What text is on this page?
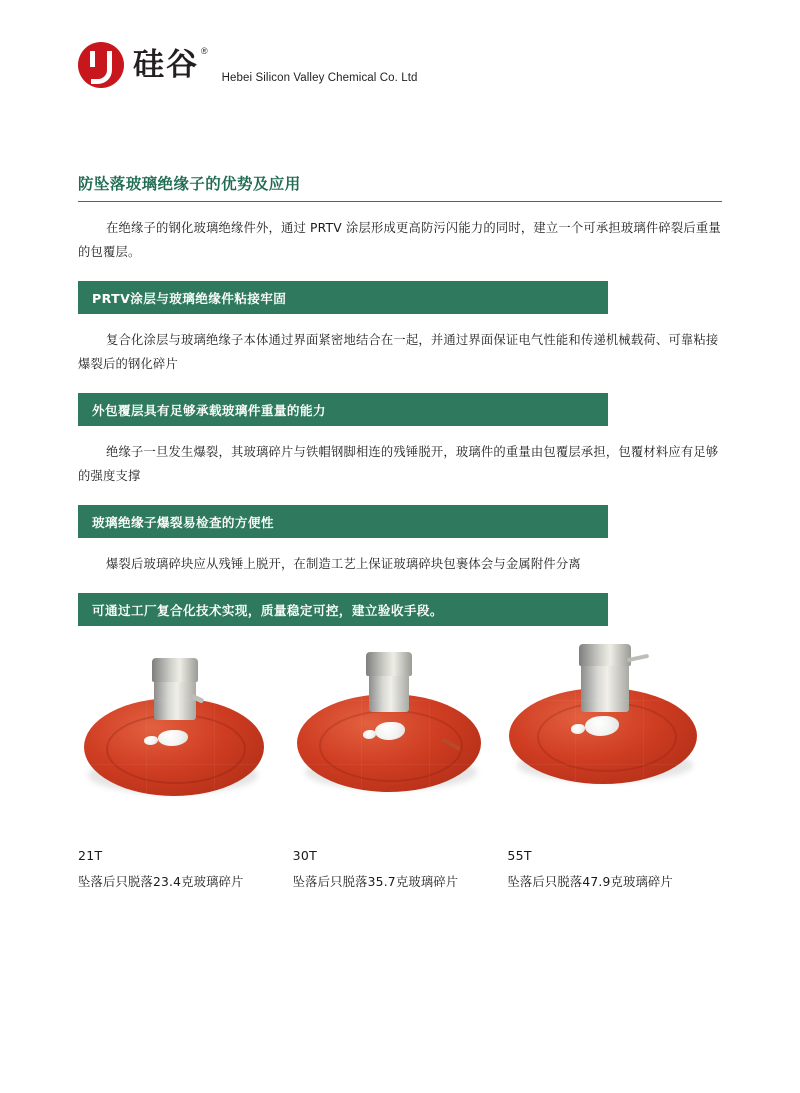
硅谷 ®
Hebei Silicon Valley Chemical Co. Ltd
防坠落玻璃绝缘子的优势及应用

在绝缘子的钢化玻璃绝缘件外，通过 PRTV 涂层形成更高防污闪能力的同时，建立一个可承担玻璃件碎裂后重量的包覆层。

PRTV涂层与玻璃绝缘件粘接牢固

复合化涂层与玻璃绝缘子本体通过界面紧密地结合在一起，并通过界面保证电气性能和传递机械载荷、可靠粘接爆裂后的钢化碎片

外包覆层具有足够承载玻璃件重量的能力

绝缘子一旦发生爆裂，其玻璃碎片与铁帽钢脚相连的残锤脱开，玻璃件的重量由包覆层承担，包覆材料应有足够的强度支撑

玻璃绝缘子爆裂易检查的方便性

爆裂后玻璃碎块应从残锤上脱开，在制造工艺上保证玻璃碎块包裹体会与金属附件分离

可通过工厂复合化技术实现，质量稳定可控，建立验收手段。
21T
坠落后只脱落23.4克玻璃碎片
30T
坠落后只脱落35.7克玻璃碎片
55T
坠落后只脱落47.9克玻璃碎片
